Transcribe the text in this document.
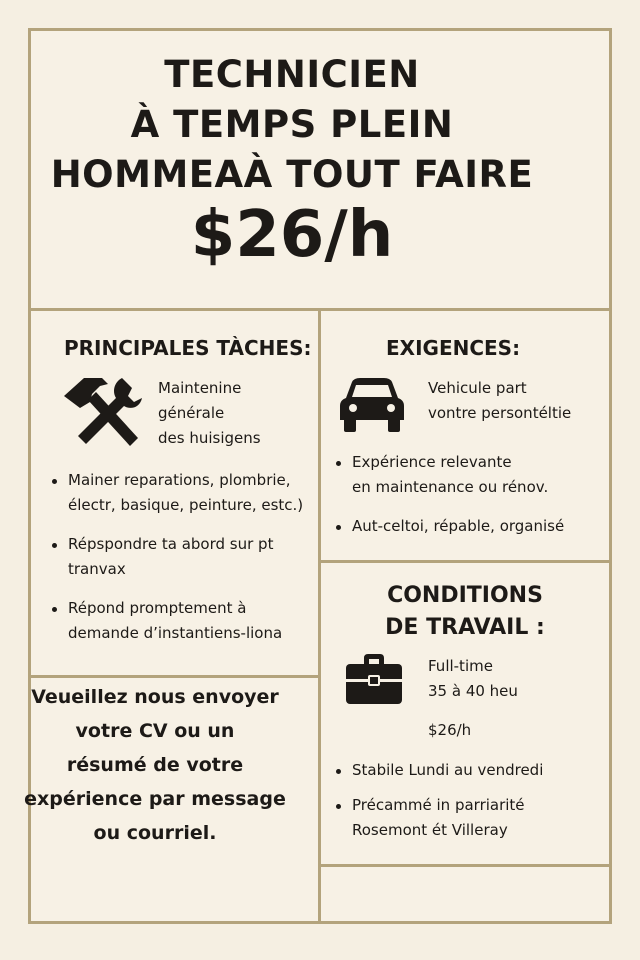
TECHNICIEN
À TEMPS PLEIN
HOMMEAÀ TOUT FAIRE
$26/h
PRINCIPALES TÀCHES:
Maintenine
générale
des huisigens
Mainer reparations, plombrie,
électr, basique, peinture, estc.)
Répspondre ta abord sur pt
tranvax
Répond promptement à
demande d’instantiens-liona
EXIGENCES:
Vehicule part
vontre persontéltie
Expérience relevante
en maintenance ou rénov.
Aut-celtoi, répable, organisé
CONDITIONS
DE TRAVAIL :
Full-time
35 à 40 heu
$26/h
Stabile Lundi au vendredi
Précammé in parriarité
Rosemont ét Villeray
Veuеillez nous envoyer
votre CV ou un
résumé de votre
expérience par message
ou courriel.
